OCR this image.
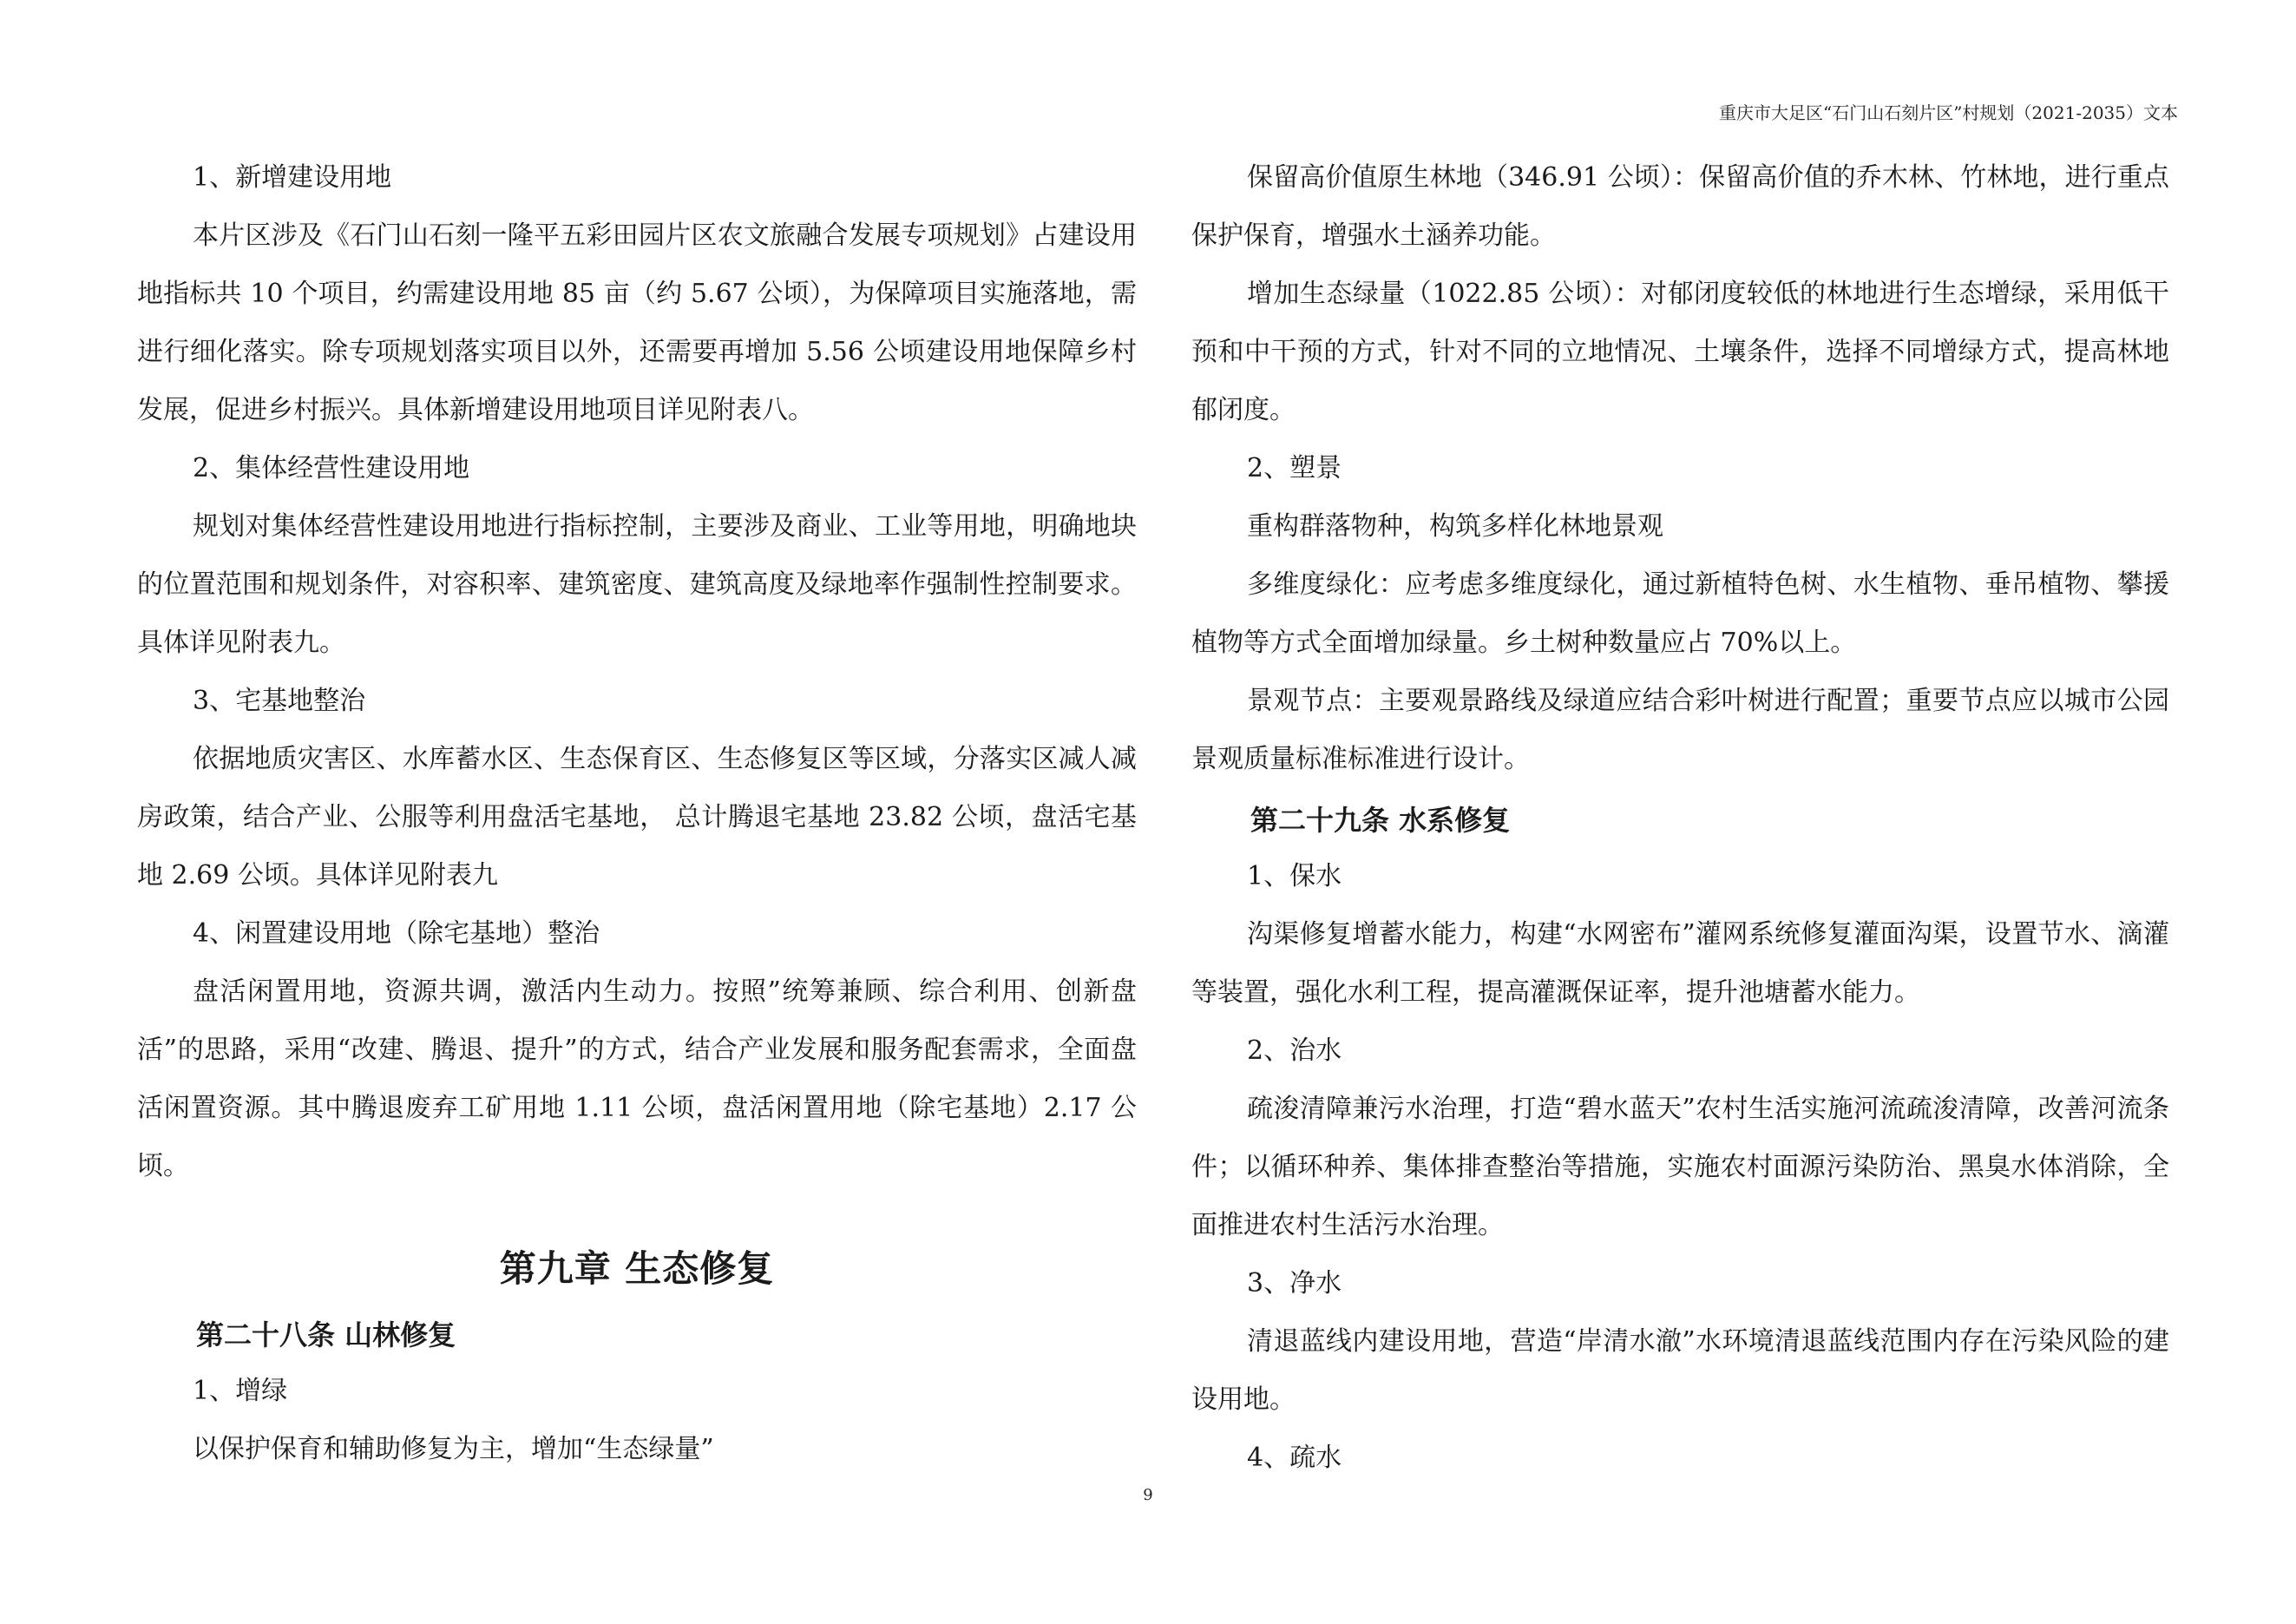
重庆市大足区“石门山石刻片区”村规划（2021-2035）文本

1、新增建设用地

本片区涉及《石门山石刻一隆平五彩田园片区农文旅融合发展专项规划》占建设用地指标共 10 个项目，约需建设用地 85 亩（约 5.67 公顷），为保障项目实施落地，需进行细化落实。除专项规划落实项目以外，还需要再增加 5.56 公顷建设用地保障乡村发展，促进乡村振兴。具体新增建设用地项目详见附表八。

2、集体经营性建设用地

规划对集体经营性建设用地进行指标控制，主要涉及商业、工业等用地，明确地块的位置范围和规划条件，对容积率、建筑密度、建筑高度及绿地率作强制性控制要求。具体详见附表九。

3、宅基地整治

依据地质灾害区、水库蓄水区、生态保育区、生态修复区等区域，分落实区减人减房政策，结合产业、公服等利用盘活宅基地， 总计腾退宅基地 23.82 公顷，盘活宅基地 2.69 公顷。具体详见附表九

4、闲置建设用地（除宅基地）整治

盘活闲置用地，资源共调，激活内生动力。按照”统筹兼顾、综合利用、创新盘活”的思路，采用“改建、腾退、提升”的方式，结合产业发展和服务配套需求，全面盘活闲置资源。其中腾退废弃工矿用地 1.11 公顷，盘活闲置用地（除宅基地）2.17 公顷。

第九章 生态修复
第二十八条 山林修复

1、增绿

以保护保育和辅助修复为主，增加“生态绿量”

保留高价值原生林地（346.91 公顷）：保留高价值的乔木林、竹林地，进行重点保护保育，增强水土涵养功能。

增加生态绿量（1022.85 公顷）：对郁闭度较低的林地进行生态增绿，采用低干预和中干预的方式，针对不同的立地情况、土壤条件，选择不同增绿方式，提高林地郁闭度。

2、塑景

重构群落物种，构筑多样化林地景观

多维度绿化：应考虑多维度绿化，通过新植特色树、水生植物、垂吊植物、攀援植物等方式全面增加绿量。乡土树种数量应占 70%以上。

景观节点：主要观景路线及绿道应结合彩叶树进行配置；重要节点应以城市公园景观质量标准标准进行设计。

第二十九条 水系修复

1、保水

沟渠修复增蓄水能力，构建“水网密布”灌网系统修复灌面沟渠，设置节水、滴灌等装置，强化水利工程，提高灌溉保证率，提升池塘蓄水能力。

2、治水

疏浚清障兼污水治理，打造“碧水蓝天”农村生活实施河流疏浚清障，改善河流条件；以循环种养、集体排查整治等措施，实施农村面源污染防治、黑臭水体消除，全面推进农村生活污水治理。

3、净水

清退蓝线内建设用地，营造“岸清水澈”水环境清退蓝线范围内存在污染风险的建设用地。

4、疏水

9
